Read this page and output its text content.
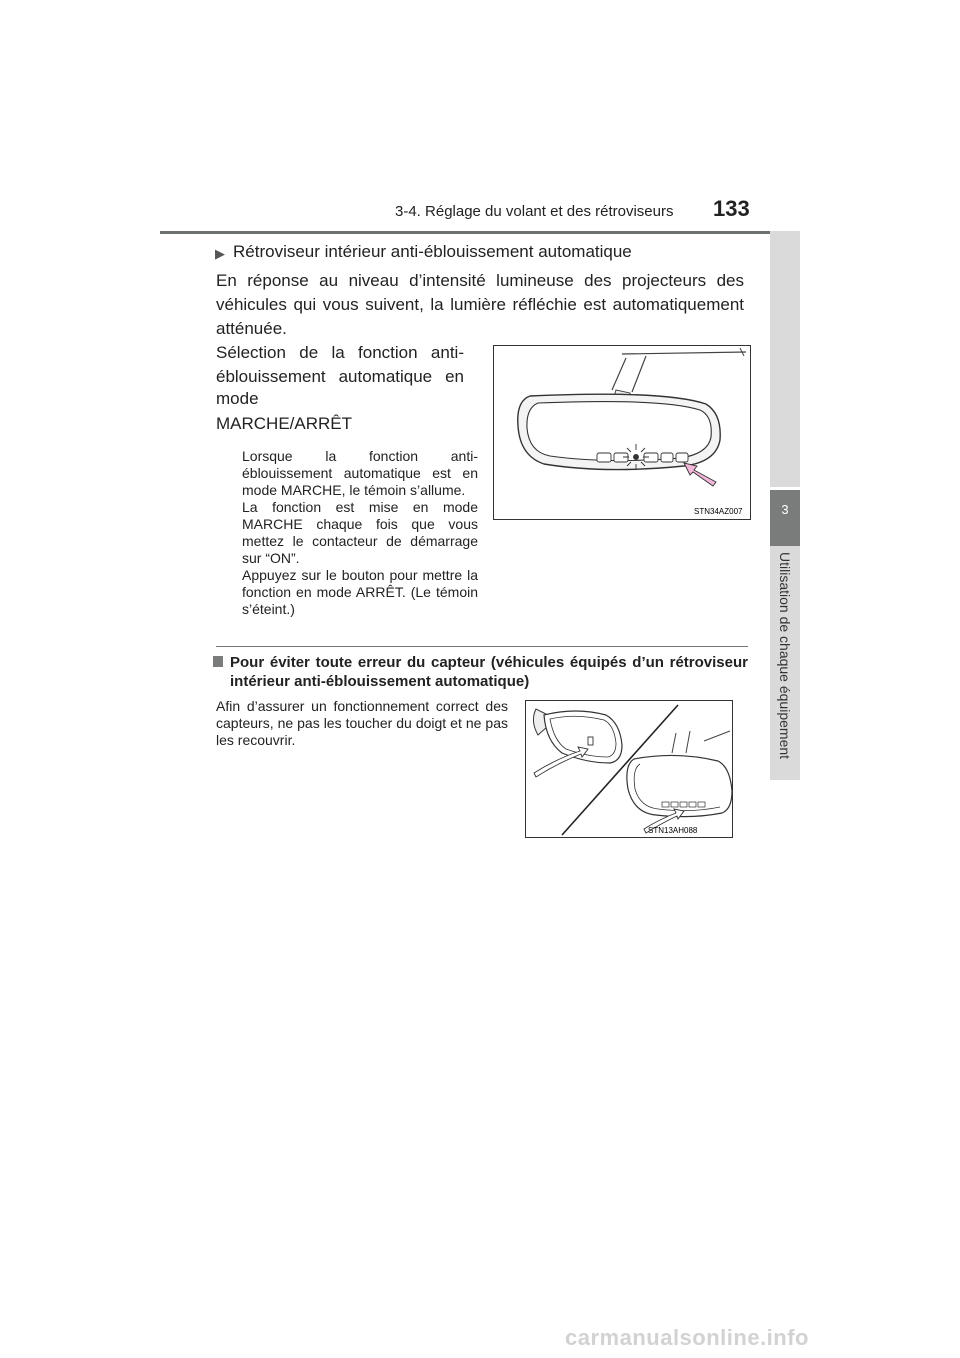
3-4. Réglage du volant et des rétroviseurs 133
3
Utilisation de chaque équipement
▶ Rétroviseur intérieur anti-éblouissement automatique
En réponse au niveau d’intensité lumineuse des projecteurs des véhicules qui vous suivent, la lumière réfléchie est automatiquement atténuée.
Sélection de la fonction anti-éblouissement automatique en
mode
MARCHE/ARRÊT

Lorsque la fonction anti-éblouissement automatique est en mode MARCHE, le témoin s’allume.

La fonction est mise en mode MARCHE chaque fois que vous mettez le contacteur de démarrage sur “ON”.

Appuyez sur le bouton pour mettre la fonction en mode ARRÊT. (Le témoin s’éteint.)

STN34AZ007
Pour éviter toute erreur du capteur (véhicules équipés d’un rétroviseur intérieur anti-éblouissement automatique)
Afin d’assurer un fonctionnement correct des capteurs, ne pas les toucher du doigt et ne pas les recouvrir.
STN13AH088
carmanualsonline.info
